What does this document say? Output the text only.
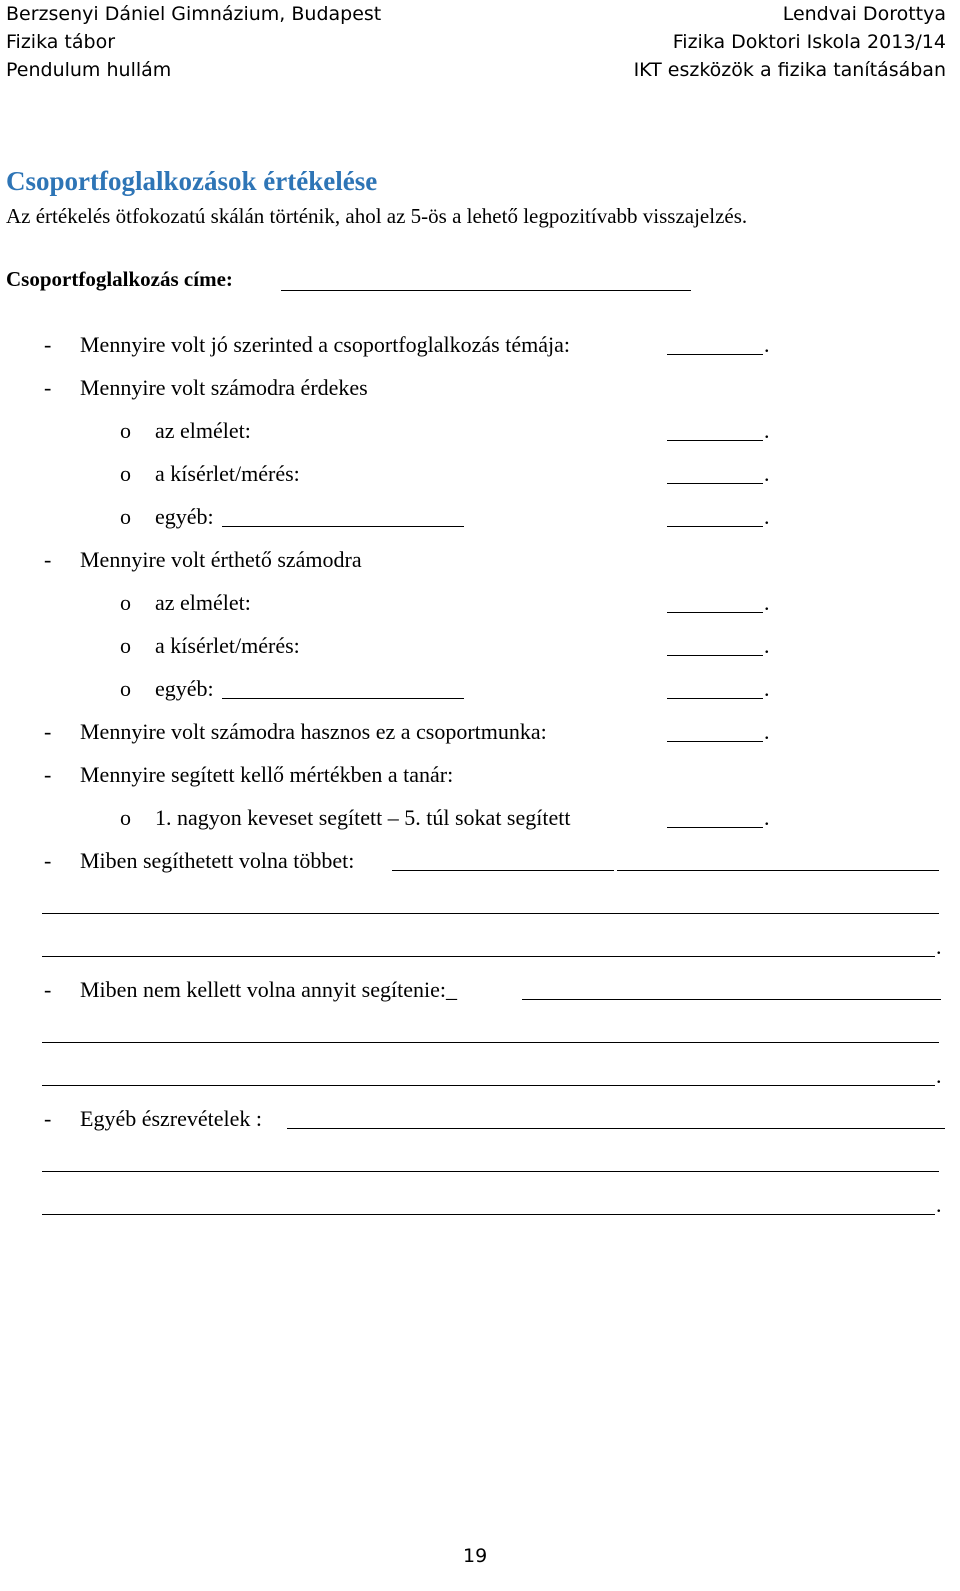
Berzsenyi Dániel Gimnázium, Budapest
Fizika tábor
Pendulum hullám
Lendvai Dorottya
Fizika Doktori Iskola 2013/14
IKT eszközök a fizika tanításában
Csoportfoglalkozások értékelése
Az értékelés ötfokozatú skálán történik, ahol az 5-ös a lehető legpozitívabb visszajelzés.
Csoportfoglalkozás címe:
- Mennyire volt jó szerinted a csoportfoglalkozás témája:	.
- Mennyire volt számodra érdekes
o az elmélet:	.
o a kísérlet/mérés:	.
o egyéb:	.
- Mennyire volt érthető számodra
o az elmélet:	.
o a kísérlet/mérés:	.
o egyéb:	.
- Mennyire volt számodra hasznos ez a csoportmunka:	.
- Mennyire segített kellő mértékben a tanár:
o 1. nagyon keveset segített – 5. túl sokat segített	.
- Miben segíthetett volna többet:
.
- Miben nem kellett volna annyit segítenie:_
.
- Egyéb észrevételek :
.
19
